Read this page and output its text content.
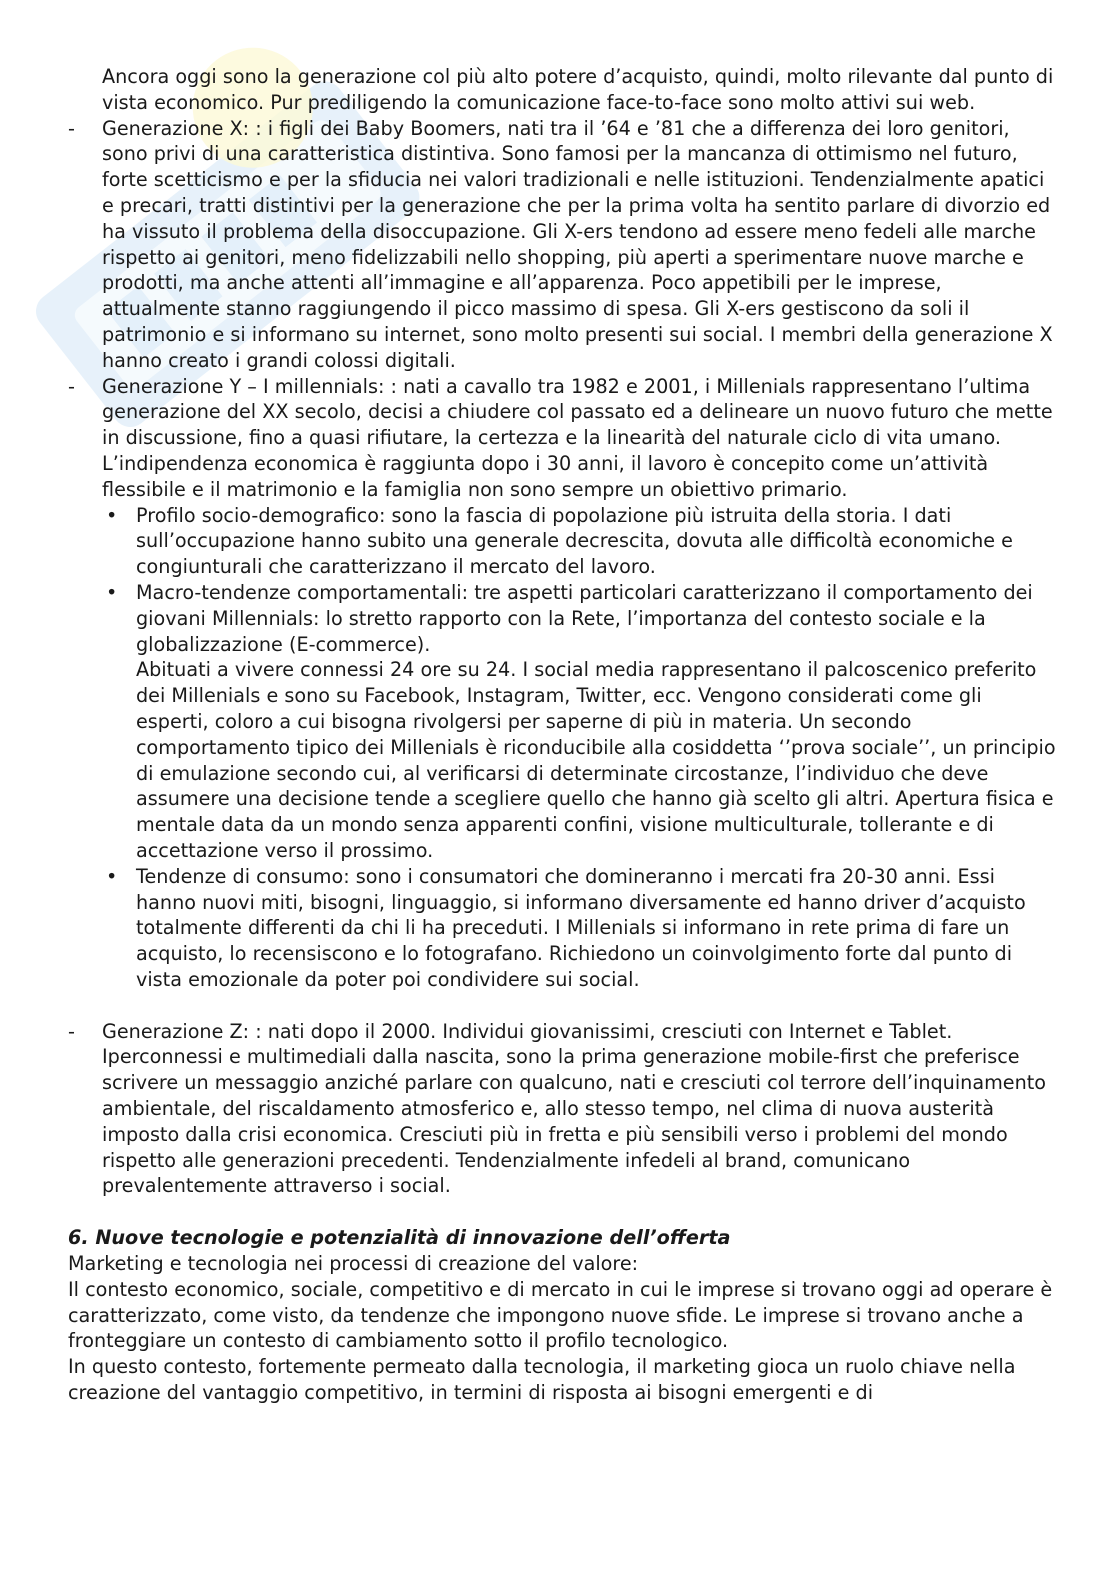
Ancora oggi sono la generazione col più alto potere d’acquisto, quindi, molto rilevante dal punto di vista economico. Pur prediligendo la comunicazione face-to-face sono molto attivi sui web.

- Generazione X: : i figli dei Baby Boomers, nati tra il ’64 e ’81 che a differenza dei loro genitori, sono privi di una caratteristica distintiva. Sono famosi per la mancanza di ottimismo nel futuro, forte scetticismo e per la sfiducia nei valori tradizionali e nelle istituzioni. Tendenzialmente apatici e precari, tratti distintivi per la generazione che per la prima volta ha sentito parlare di divorzio ed ha vissuto il problema della disoccupazione. Gli X-ers tendono ad essere meno fedeli alle marche rispetto ai genitori, meno fidelizzabili nello shopping, più aperti a sperimentare nuove marche e prodotti, ma anche attenti all’immagine e all’apparenza. Poco appetibili per le imprese, attualmente stanno raggiungendo il picco massimo di spesa. Gli X-ers gestiscono da soli il patrimonio e si informano su internet, sono molto presenti sui social. I membri della generazione X hanno creato i grandi colossi digitali.

- Generazione Y – I millennials: : nati a cavallo tra 1982 e 2001, i Millenials rappresentano l’ultima generazione del XX secolo, decisi a chiudere col passato ed a delineare un nuovo futuro che mette in discussione, fino a quasi rifiutare, la certezza e la linearità del naturale ciclo di vita umano. L’indipendenza economica è raggiunta dopo i 30 anni, il lavoro è concepito come un’attività flessibile e il matrimonio e la famiglia non sono sempre un obiettivo primario.

• Profilo socio-demografico: sono la fascia di popolazione più istruita della storia. I dati sull’occupazione hanno subito una generale decrescita, dovuta alle difficoltà economiche e congiunturali che caratterizzano il mercato del lavoro.

• Macro-tendenze comportamentali: tre aspetti particolari caratterizzano il comportamento dei giovani Millennials: lo stretto rapporto con la Rete, l’importanza del contesto sociale e la globalizzazione (E-commerce).

Abituati a vivere connessi 24 ore su 24. I social media rappresentano il palcoscenico preferito dei Millenials e sono su Facebook, Instagram, Twitter, ecc. Vengono considerati come gli esperti, coloro a cui bisogna rivolgersi per saperne di più in materia. Un secondo comportamento tipico dei Millenials è riconducibile alla cosiddetta ‘’prova sociale’’, un principio di emulazione secondo cui, al verificarsi di determinate circostanze, l’individuo che deve assumere una decisione tende a scegliere quello che hanno già scelto gli altri. Apertura fisica e mentale data da un mondo senza apparenti confini, visione multiculturale, tollerante e di accettazione verso il prossimo.

• Tendenze di consumo: sono i consumatori che domineranno i mercati fra 20-30 anni. Essi hanno nuovi miti, bisogni, linguaggio, si informano diversamente ed hanno driver d’acquisto totalmente differenti da chi li ha preceduti. I Millenials si informano in rete prima di fare un acquisto, lo recensiscono e lo fotografano. Richiedono un coinvolgimento forte dal punto di vista emozionale da poter poi condividere sui social.

- Generazione Z: : nati dopo il 2000. Individui giovanissimi, cresciuti con Internet e Tablet. Iperconnessi e multimediali dalla nascita, sono la prima generazione mobile-first che preferisce scrivere un messaggio anziché parlare con qualcuno, nati e cresciuti col terrore dell’inquinamento ambientale, del riscaldamento atmosferico e, allo stesso tempo, nel clima di nuova austerità imposto dalla crisi economica. Cresciuti più in fretta e più sensibili verso i problemi del mondo rispetto alle generazioni precedenti. Tendenzialmente infedeli al brand, comunicano prevalentemente attraverso i social.

6. Nuove tecnologie e potenzialità di innovazione dell’offerta

Marketing e tecnologia nei processi di creazione del valore:

Il contesto economico, sociale, competitivo e di mercato in cui le imprese si trovano oggi ad operare è caratterizzato, come visto, da tendenze che impongono nuove sfide. Le imprese si trovano anche a fronteggiare un contesto di cambiamento sotto il profilo tecnologico.

In questo contesto, fortemente permeato dalla tecnologia, il marketing gioca un ruolo chiave nella creazione del vantaggio competitivo, in termini di risposta ai bisogni emergenti e di
